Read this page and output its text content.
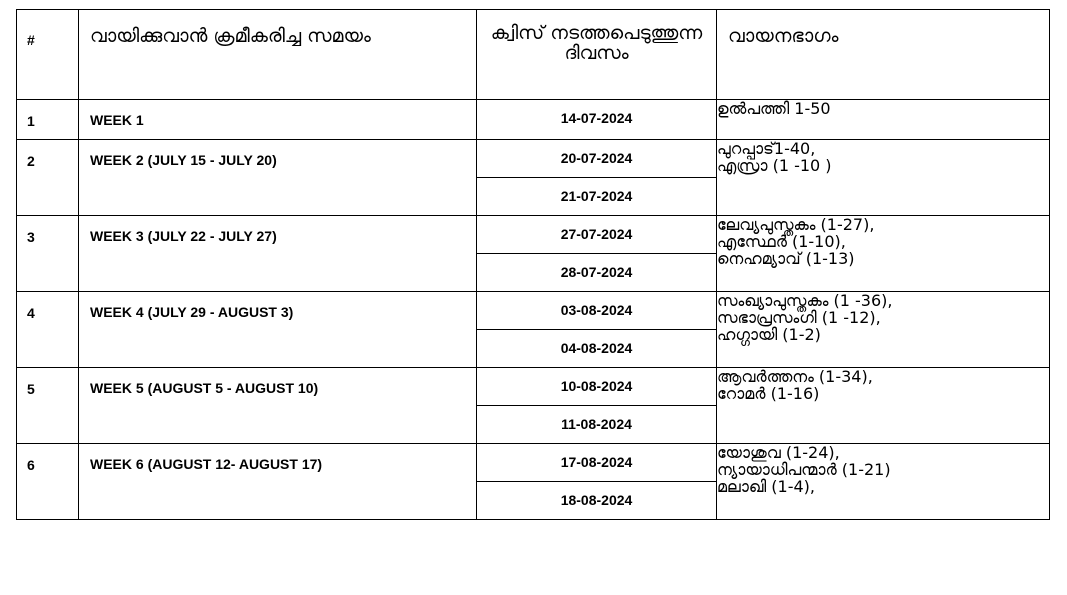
#	വായിക്കുവാൻ ക്രമീകരിച്ച സമയം	ക്വിസ് നടത്തപെടുത്തുന്ന ദിവസം	വായനഭാഗം

1	WEEK 1	14-07-2024	ഉൽപത്തി 1-50

2	WEEK 2 (JULY 15 - JULY 20)	20-07-2024	പുറപ്പാട്1-40,
എസ്രാ (1 -10 )

		21-07-2024	

3	WEEK 3 (JULY 22 - JULY 27)	27-07-2024	ലേവ്യപുസ്തകം (1-27),
എസ്ഥേർ (1-10),
നെഹമ്യാവ് (1-13)

		28-07-2024	

4	WEEK 4 (JULY 29 - AUGUST 3)	03-08-2024	സംഖ്യാപുസ്തകം (1 -36),
സഭാപ്രസംഗി (1 -12),
ഹഗ്ഗായി (1-2)

		04-08-2024	

5	WEEK 5 (AUGUST 5 - AUGUST 10)	10-08-2024	ആവർത്തനം (1-34),
റോമർ (1-16)

		11-08-2024	

6	WEEK 6 (AUGUST 12- AUGUST 17)	17-08-2024	യോശുവ (1-24),
ന്യായാധിപന്മാർ (1-21)
മലാഖി (1-4),

		18-08-2024	
